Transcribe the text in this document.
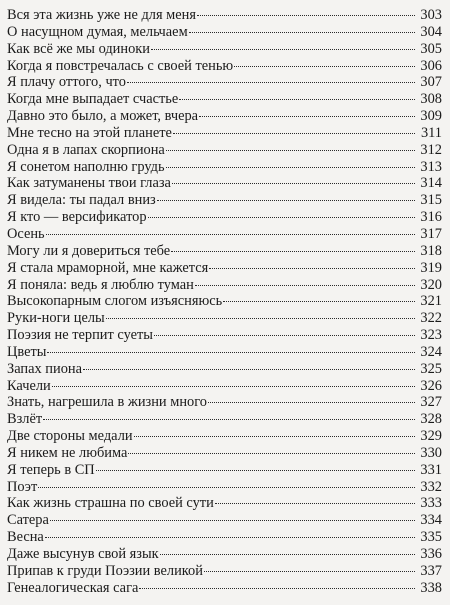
Вся эта жизнь уже не для меня	303
О насущном думая, мельчаем	304
Как всё же мы одиноки	305
Когда я повстречалась с своей тенью	306
Я плачу оттого, что	307
Когда мне выпадает счастье	308
Давно это было, а может, вчера	309
Мне тесно на этой планете	311
Одна я в лапах скорпиона	312
Я сонетом наполню грудь	313
Как затуманены твои глаза	314
Я видела: ты падал вниз	315
Я кто — версификатор	316
Осень	317
Могу ли я довериться тебе	318
Я стала мраморной, мне кажется	319
Я поняла: ведь я люблю туман	320
Высокопарным слогом изъясняюсь	321
Руки-ноги целы	322
Поэзия не терпит суеты	323
Цветы	324
Запах пиона	325
Качели	326
Знать, нагрешила в жизни много	327
Взлёт	328
Две стороны медали	329
Я никем не любима	330
Я теперь в СП	331
Поэт	332
Как жизнь страшна по своей сути	333
Сатера	334
Весна	335
Даже высунув свой язык	336
Припав к груди Поэзии великой	337
Генеалогическая сага	338
